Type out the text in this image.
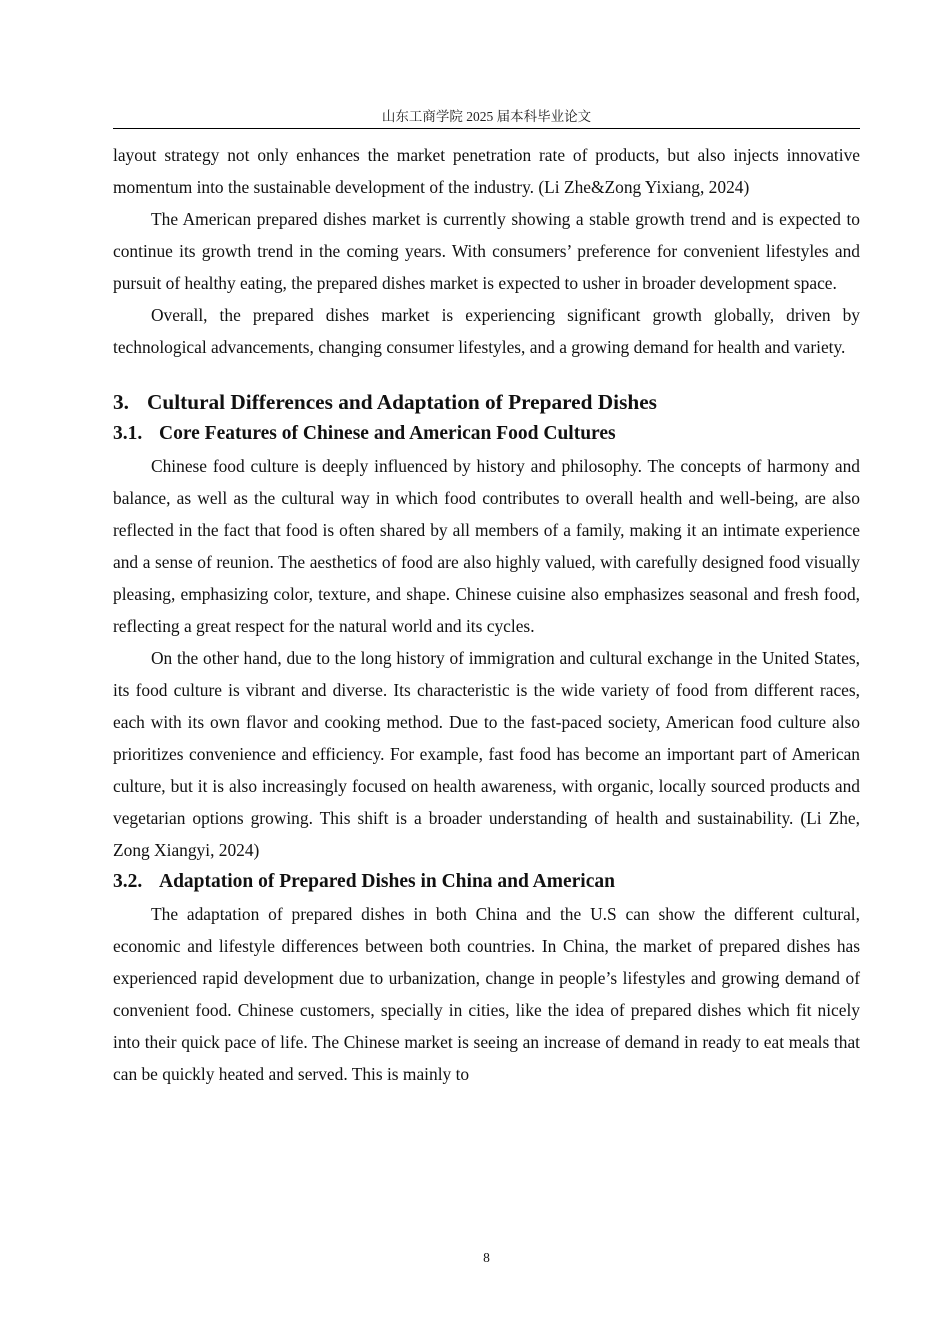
山东工商学院 2025 届本科毕业论文

layout strategy not only enhances the market penetration rate of products, but also injects innovative momentum into the sustainable development of the industry. (Li Zhe&Zong Yixiang, 2024)

The American prepared dishes market is currently showing a stable growth trend and is expected to continue its growth trend in the coming years. With consumers’ preference for convenient lifestyles and pursuit of healthy eating, the prepared dishes market is expected to usher in broader development space.

Overall, the prepared dishes market is experiencing significant growth globally, driven by technological advancements, changing consumer lifestyles, and a growing demand for health and variety.

3. Cultural Differences and Adaptation of Prepared Dishes
3.1. Core Features of Chinese and American Food Cultures

Chinese food culture is deeply influenced by history and philosophy. The concepts of harmony and balance, as well as the cultural way in which food contributes to overall health and well-being, are also reflected in the fact that food is often shared by all members of a family, making it an intimate experience and a sense of reunion. The aesthetics of food are also highly valued, with carefully designed food visually pleasing, emphasizing color, texture, and shape. Chinese cuisine also emphasizes seasonal and fresh food, reflecting a great respect for the natural world and its cycles.

On the other hand, due to the long history of immigration and cultural exchange in the United States, its food culture is vibrant and diverse. Its characteristic is the wide variety of food from different races, each with its own flavor and cooking method. Due to the fast-paced society, American food culture also prioritizes convenience and efficiency. For example, fast food has become an important part of American culture, but it is also increasingly focused on health awareness, with organic, locally sourced products and vegetarian options growing. This shift is a broader understanding of health and sustainability. (Li Zhe, Zong Xiangyi, 2024)

3.2. Adaptation of Prepared Dishes in China and American

The adaptation of prepared dishes in both China and the U.S can show the different cultural, economic and lifestyle differences between both countries. In China, the market of prepared dishes has experienced rapid development due to urbanization, change in people’s lifestyles and growing demand of convenient food. Chinese customers, specially in cities, like the idea of prepared dishes which fit nicely into their quick pace of life. The Chinese market is seeing an increase of demand in ready to eat meals that can be quickly heated and served. This is mainly to

8
